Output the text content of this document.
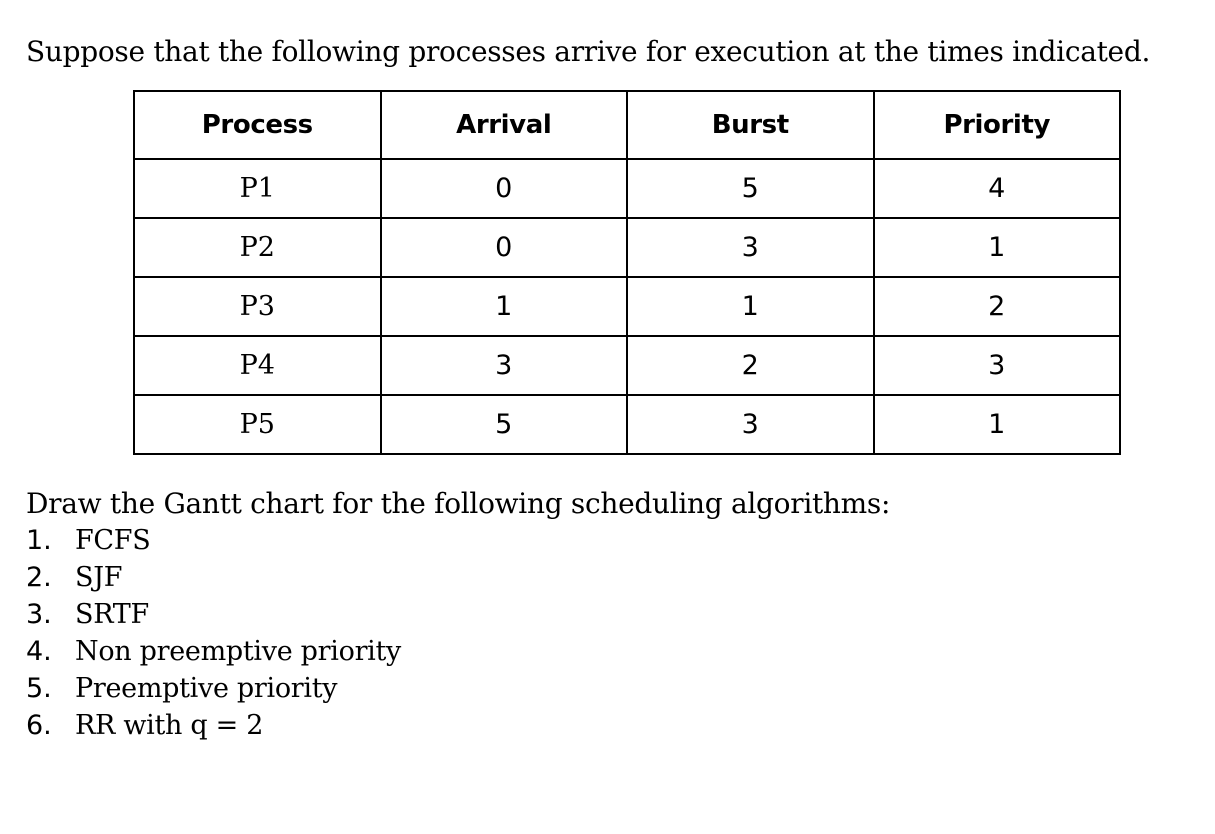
Suppose that the following processes arrive for execution at the times indicated.
Process	Arrival	Burst	Priority
P1	0	5	4
P2	0	3	1
P3	1	1	2
P4	3	2	3
P5	5	3	1
Draw the Gantt chart for the following scheduling algorithms:
1. FCFS
2. SJF
3. SRTF
4. Non preemptive priority
5. Preemptive priority
6. RR with q = 2
